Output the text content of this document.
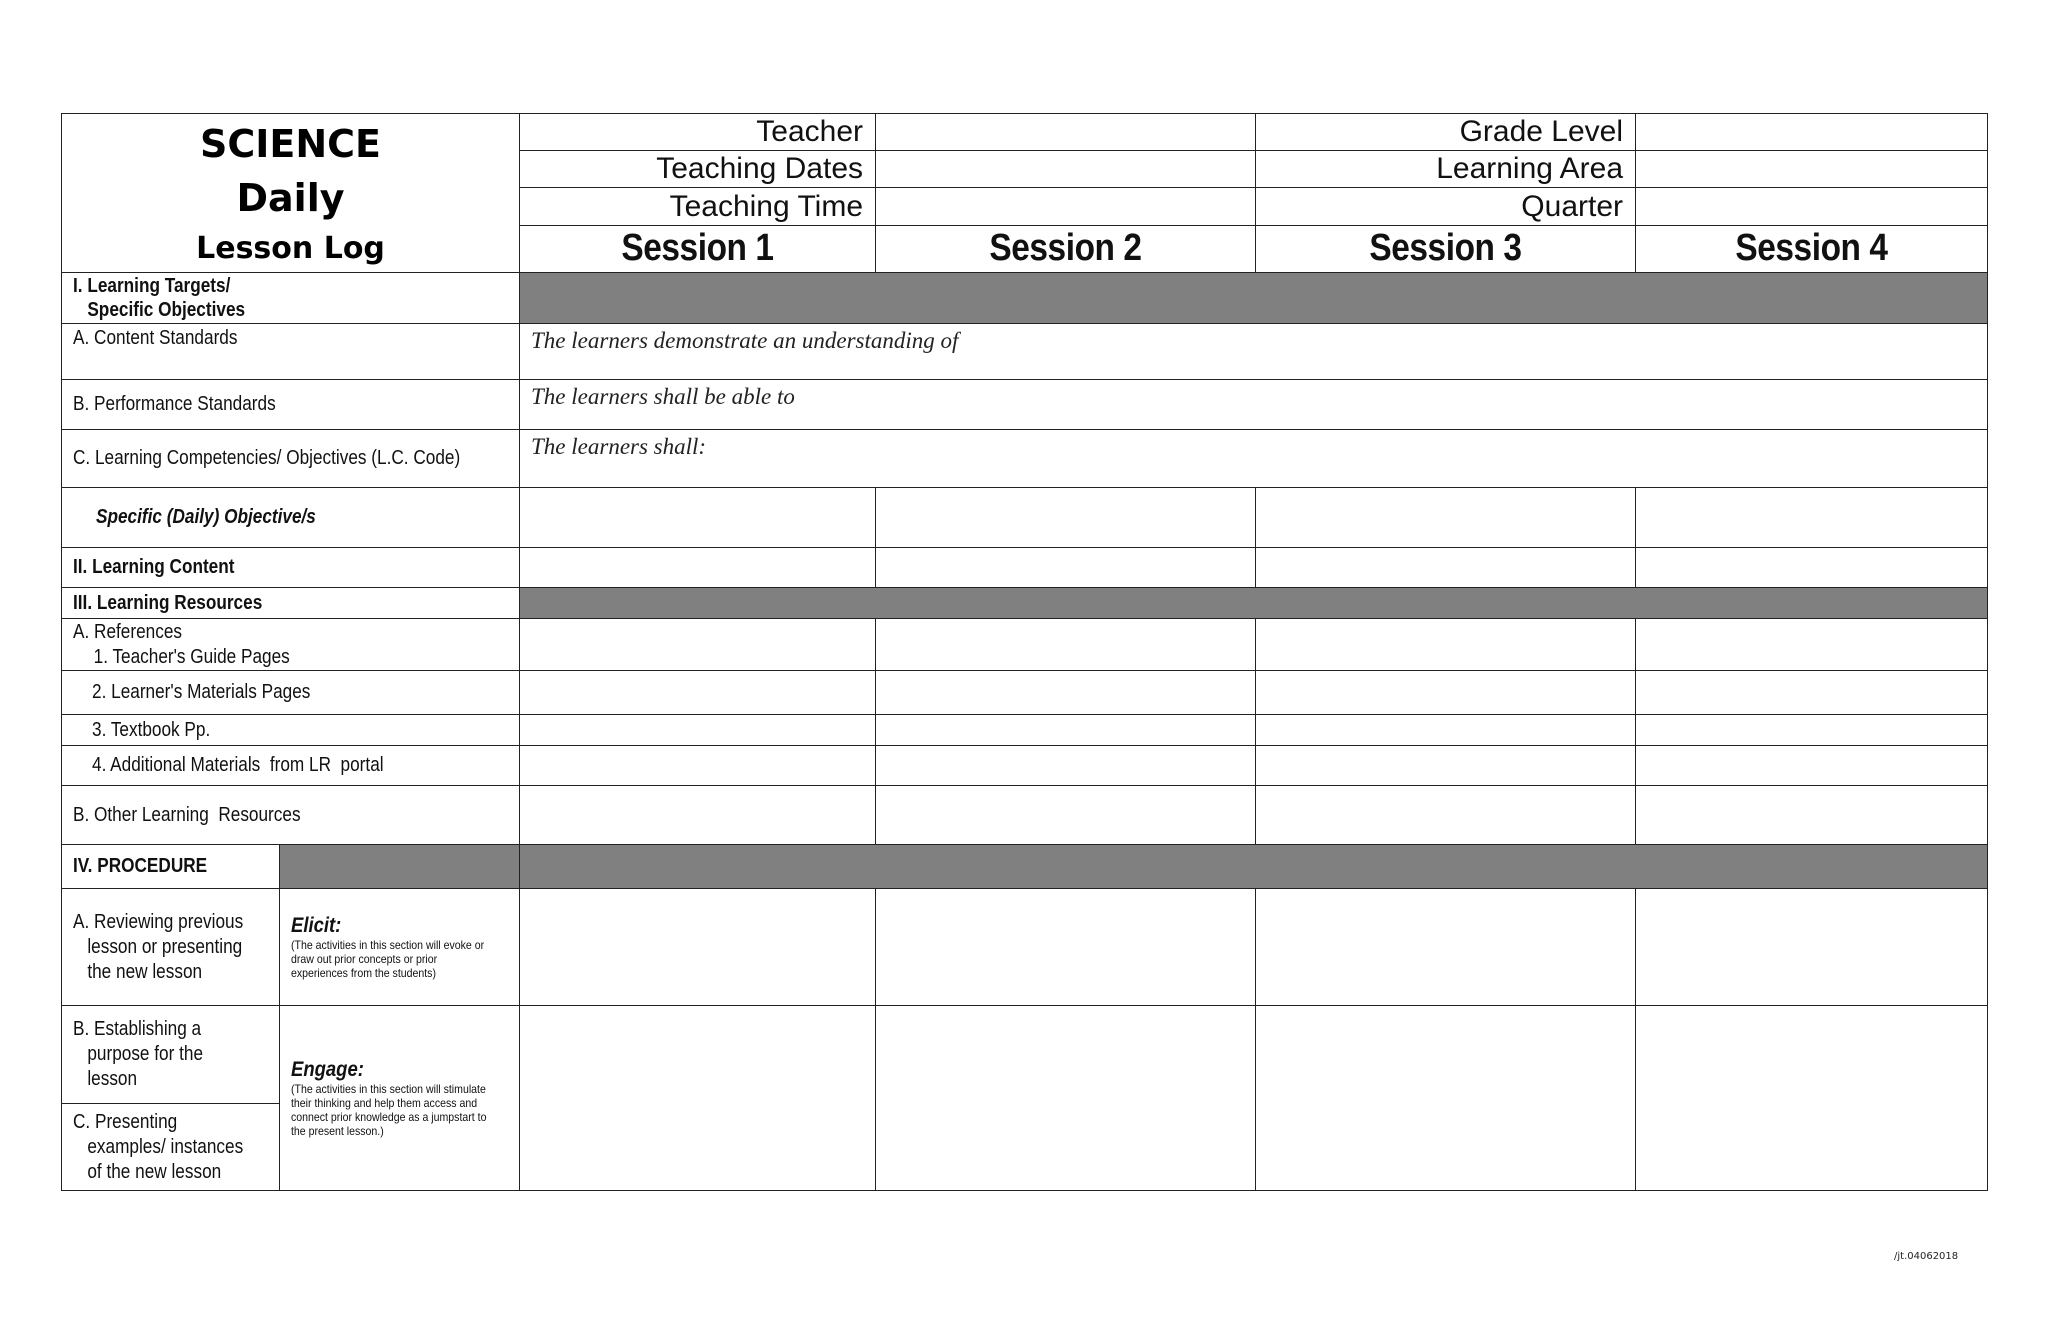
SCIENCE
Daily
Lesson Log		Teacher		Grade Level	
		Teaching Dates		Learning Area	
		Teaching Time		Quarter	
		Session 1	Session 2	Session 3	Session 4
I. Learning Targets/
Specific Objectives					
A. Content Standards		The learners demonstrate an understanding of			
B. Performance Standards		The learners shall be able to			
C. Learning Competencies/ Objectives (L.C. Code)		The learners shall:			
Specific (Daily) Objective/s					
II. Learning Content					
III. Learning Resources					
A. References
1. Teacher's Guide Pages					
2. Learner's Materials Pages					
3. Textbook Pp.					
4. Additional Materials  from LR  portal					
B. Other Learning  Resources					
IV. PROCEDURE					
A. Reviewing previous
lesson or presenting
the new lesson	Elicit:
(The activities in this section will evoke or draw out prior concepts or prior experiences from the students)				

B. Establishing a
purpose for the
lesson	Engage:
(The activities in this section will stimulate their thinking and help them access and connect prior knowledge as a jumpstart to the present lesson.)				

C. Presenting
examples/ instances
of the new lesson					
/jt.04062018
